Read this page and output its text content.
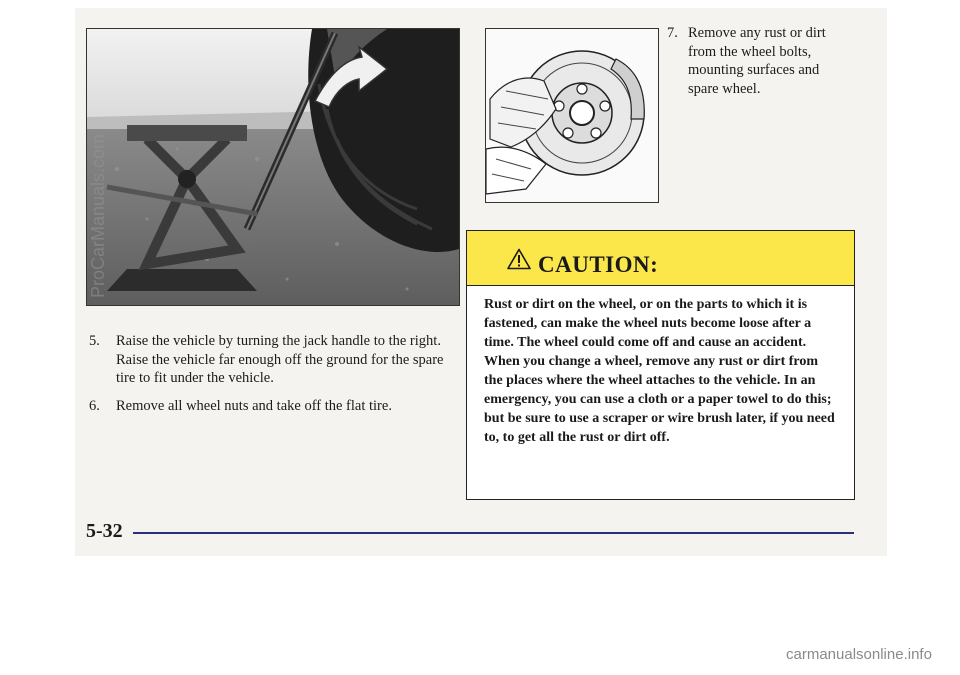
5. Raise the vehicle by turning the jack handle to the right. Raise the vehicle far enough off the ground for the spare tire to fit under the vehicle.
6. Remove all wheel nuts and take off the flat tire.
7. Remove any rust or dirt from the wheel bolts, mounting surfaces and spare wheel.
CAUTION:
Rust or dirt on the wheel, or on the parts to which it is fastened, can make the wheel nuts become loose after a time. The wheel could come off and cause an accident. When you change a wheel, remove any rust or dirt from the places where the wheel attaches to the vehicle. In an emergency, you can use a cloth or a paper towel to do this; but be sure to use a scraper or wire brush later, if you need to, to get all the rust or dirt off.
5-32
ProCarManuals.com
carmanualsonline.info
